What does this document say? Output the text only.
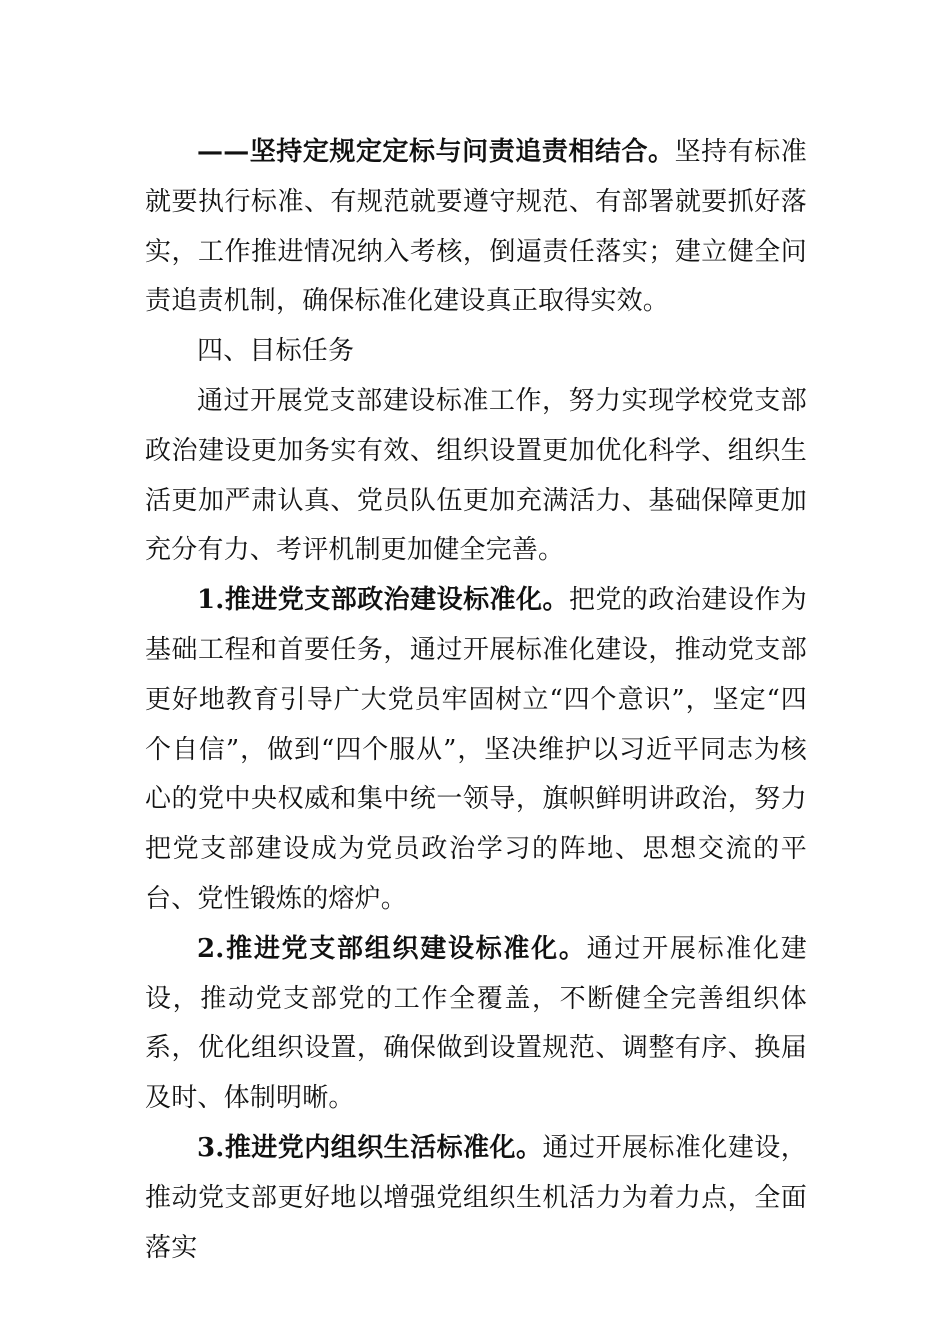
——坚持定规定定标与问责追责相结合。坚持有标准就要执行标准、有规范就要遵守规范、有部署就要抓好落实，工作推进情况纳入考核，倒逼责任落实；建立健全问责追责机制，确保标准化建设真正取得实效。

四、目标任务

通过开展党支部建设标准工作，努力实现学校党支部政治建设更加务实有效、组织设置更加优化科学、组织生活更加严肃认真、党员队伍更加充满活力、基础保障更加充分有力、考评机制更加健全完善。

1.推进党支部政治建设标准化。把党的政治建设作为基础工程和首要任务，通过开展标准化建设，推动党支部更好地教育引导广大党员牢固树立“四个意识”，坚定“四个自信”，做到“四个服从”，坚决维护以习近平同志为核心的党中央权威和集中统一领导，旗帜鲜明讲政治，努力把党支部建设成为党员政治学习的阵地、思想交流的平台、党性锻炼的熔炉。

2.推进党支部组织建设标准化。通过开展标准化建设，推动党支部党的工作全覆盖，不断健全完善组织体系，优化组织设置，确保做到设置规范、调整有序、换届及时、体制明晰。

3.推进党内组织生活标准化。通过开展标准化建设，推动党支部更好地以增强党组织生机活力为着力点，全面落实
